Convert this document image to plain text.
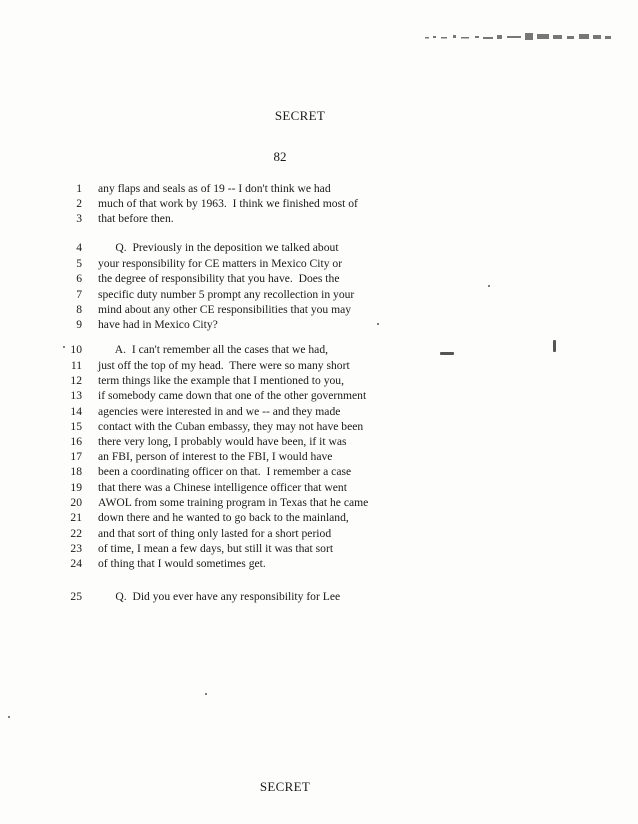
SECRET
82
1 any flaps and seals as of 19 -- I don't think we had
2 much of that work by 1963.  I think we finished most of
3 that before then.
4 Q.  Previously in the deposition we talked about
5 your responsibility for CE matters in Mexico City or
6 the degree of responsibility that you have.  Does the
7 specific duty number 5 prompt any recollection in your
8 mind about any other CE responsibilities that you may
9 have had in Mexico City?
10 A.  I can't remember all the cases that we had,
11 just off the top of my head.  There were so many short
12 term things like the example that I mentioned to you,
13 if somebody came down that one of the other government
14 agencies were interested in and we -- and they made
15 contact with the Cuban embassy, they may not have been
16 there very long, I probably would have been, if it was
17 an FBI, person of interest to the FBI, I would have
18 been a coordinating officer on that.  I remember a case
19 that there was a Chinese intelligence officer that went
20 AWOL from some training program in Texas that he came
21 down there and he wanted to go back to the mainland,
22 and that sort of thing only lasted for a short period
23 of time, I mean a few days, but still it was that sort
24 of thing that I would sometimes get.
25 Q.  Did you ever have any responsibility for Lee
SECRET
